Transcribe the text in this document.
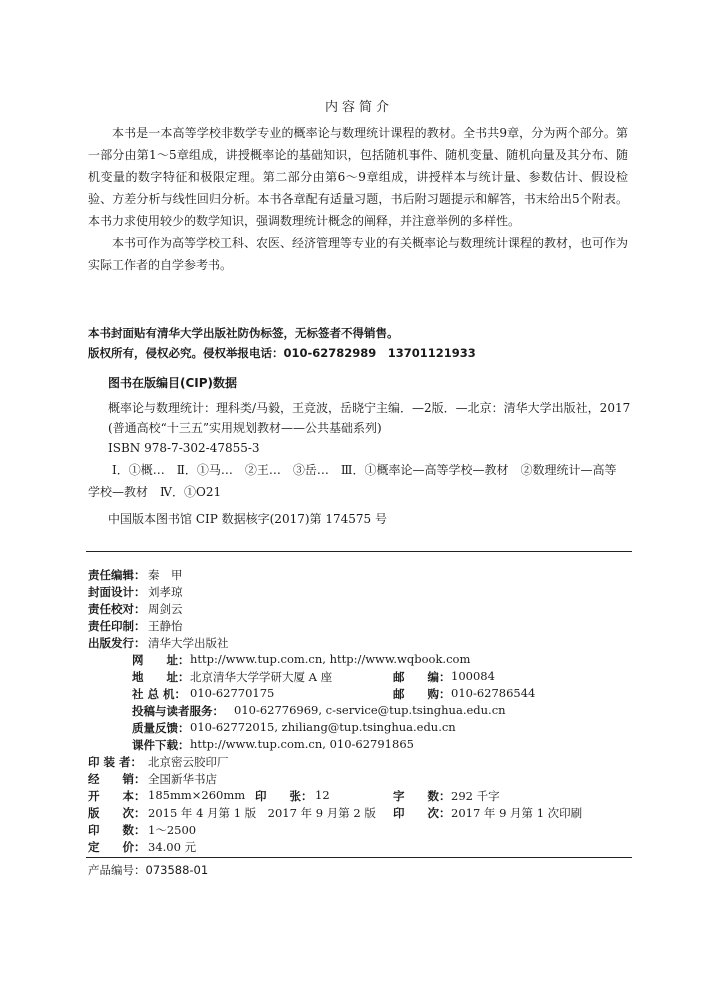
内容简介

本书是一本高等学校非数学专业的概率论与数理统计课程的教材。全书共9章，分为两个部分。第一部分由第1～5章组成，讲授概率论的基础知识，包括随机事件、随机变量、随机向量及其分布、随机变量的数字特征和极限定理。第二部分由第6～9章组成，讲授样本与统计量、参数估计、假设检验、方差分析与线性回归分析。本书各章配有适量习题，书后附习题提示和解答，书末给出5个附表。本书力求使用较少的数学知识，强调数理统计概念的阐释，并注意举例的多样性。

本书可作为高等学校工科、农医、经济管理等专业的有关概率论与数理统计课程的教材，也可作为实际工作者的自学参考书。

本书封面贴有清华大学出版社防伪标签，无标签者不得销售。
版权所有，侵权必究。侵权举报电话：010-62782989　13701121933
图书在版编目(CIP)数据
概率论与数理统计：理科类/马毅，王竞波，岳晓宁主编．—2版．—北京：清华大学出版社，2017
(普通高校“十三五”实用规划教材——公共基础系列)
ISBN 978-7-302-47855-3

Ⅰ．①概…　Ⅱ．①马…　②王…　③岳…　Ⅲ．①概率论—高等学校—教材　②数理统计—高等学校—教材　Ⅳ．①O21

中国版本图书馆 CIP 数据核字(2017)第 174575 号
责任编辑： 秦　甲
封面设计： 刘孝琼
责任校对： 周剑云
责任印制： 王静怡
出版发行： 清华大学出版社
网　　址： http://www.tup.com.cn, http://www.wqbook.com
地　　址： 北京清华大学学研大厦 A 座	邮　　编： 100084
社 总 机： 010-62770175	邮　　购： 010-62786544
投稿与读者服务： 010-62776969, c-service@tup.tsinghua.edu.cn
质量反馈： 010-62772015, zhiliang@tup.tsinghua.edu.cn
课件下载： http://www.tup.com.cn, 010-62791865
印 装 者： 北京密云胶印厂
经　　销： 全国新华书店
开　　本： 185mm×260mm 印　　张： 12	字　　数： 292 千字
版　　次： 2015 年 4 月第 1 版　2017 年 9 月第 2 版 印　　次： 2017 年 9 月第 1 次印刷
印　　数： 1～2500
定　　价： 34.00 元
产品编号：073588-01
